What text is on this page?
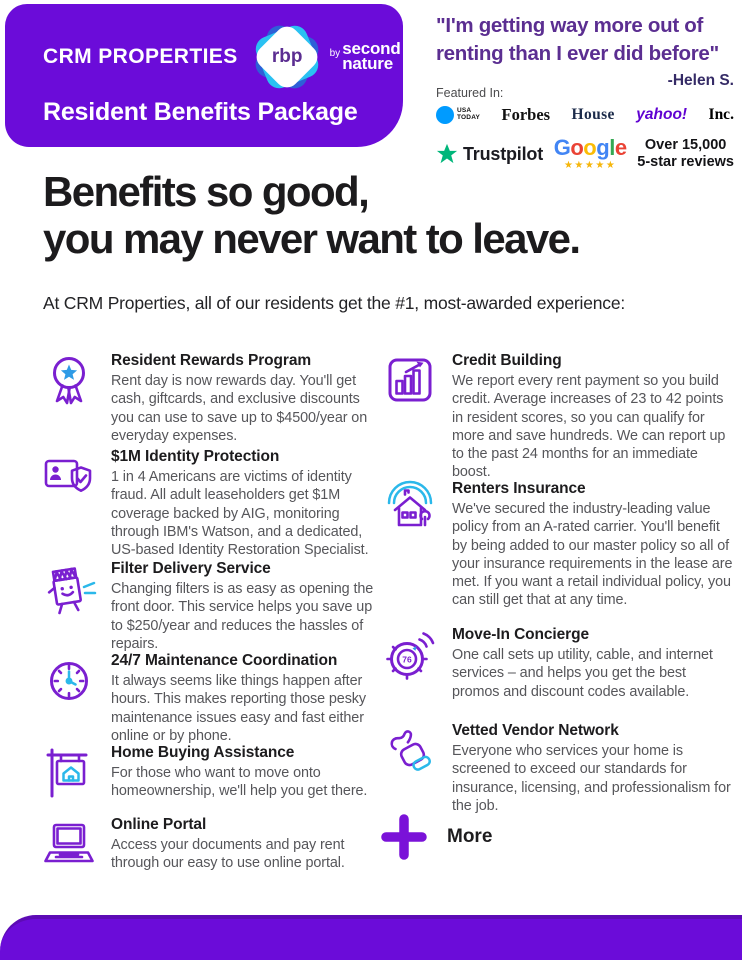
CRM PROPERTIES rbp	by second
nature
Resident Benefits Package
"I'm getting way more out of renting than I ever did before"
-Helen S.
Featured In:
USA
TODAY Forbes House yahoo! Inc.
Trustpilot Google
★★★★★
Over 15,000
5-star reviews
Benefits so good,
you may never want to leave.
At CRM Properties, all of our residents get the #1, most-awarded experience:
Resident Rewards Program
Rent day is now rewards day. You'll get cash, giftcards, and exclusive discounts you can use to save up to $4500/year on everyday expenses.
$1M Identity Protection
1 in 4 Americans are victims of identity fraud. All adult leaseholders get $1M coverage backed by AIG, monitoring through IBM's Watson, and a dedicated, US-based Identity Restoration Specialist.
Filter Delivery Service
Changing filters is as easy as opening the front door. This service helps you save up to $250/year and reduces the hassles of repairs.
24/7 Maintenance Coordination
It always seems like things happen after hours. This makes reporting those pesky maintenance issues easy and fast either online or by phone.
Home Buying Assistance
For those who want to move onto homeownership, we'll help you get there.
Online Portal
Access your documents and pay rent through our easy to use online portal.
Credit Building
We report every rent payment so you build credit. Average increases of 23 to 42 points in resident scores, so you can qualify for more and save hundreds. We can report up to the past 24 months for an immediate boost.
Renters Insurance
We've secured the industry-leading value policy from an A-rated carrier. You'll benefit by being added to our master policy so all of your insurance requirements in the lease are met. If you want a retail individual policy, you can still get that at any time.
76
Move-In Concierge
One call sets up utility, cable, and internet services – and helps you get the best promos and discount codes available.
Vetted Vendor Network
Everyone who services your home is screened to exceed our standards for insurance, licensing, and professionalism for the job.
More
